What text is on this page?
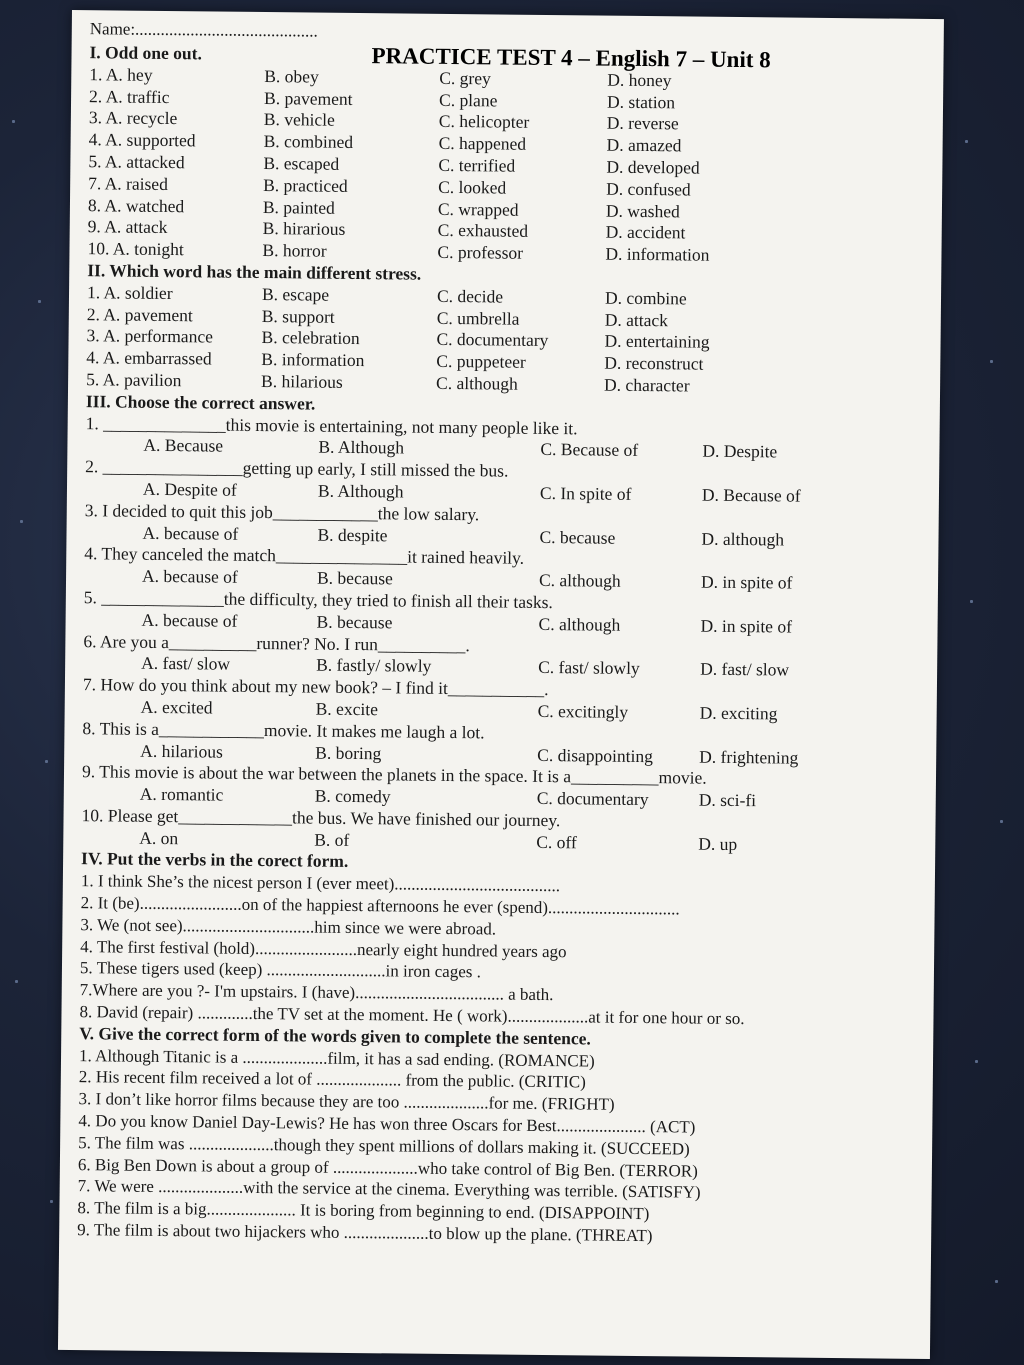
PRACTICE TEST 4 – English 7 – Unit 8
Name:...........................................
I. Odd one out.
1. A. hey	B. obey	C. grey	D. honey
2. A. traffic	B. pavement	C. plane	D. station
3. A. recycle	B. vehicle	C. helicopter	D. reverse
4. A. supported	B. combined	C. happened	D. amazed
5. A. attacked	B. escaped	C. terrified	D. developed
7. A. raised	B. practiced	C. looked	D. confused
8. A. watched	B. painted	C. wrapped	D. washed
9. A. attack	B. hirarious	C. exhausted	D. accident
10. A. tonight	B. horror	C. professor	D. information
II. Which word has the main different stress.
1. A. soldier	B. escape	C. decide	D. combine
2. A. pavement	B. support	C. umbrella	D. attack
3. A. performance	B. celebration	C. documentary	D. entertaining
4. A. embarrassed	B. information	C. puppeteer	D. reconstruct
5. A. pavilion	B. hilarious	C. although	D. character
III. Choose the correct answer.
1. ______________this movie is entertaining, not many people like it.
A. Because	B. Although	C. Because of	D. Despite
2. ________________getting up early, I still missed the bus.
A. Despite of	B. Although	C. In spite of	D. Because of
3. I decided to quit this job____________the low salary.
A. because of	B. despite	C. because	D. although
4. They canceled the match_______________it rained heavily.
A. because of	B. because	C. although	D. in spite of
5. ______________the difficulty, they tried to finish all their tasks.
A. because of	B. because	C. although	D. in spite of
6. Are you a__________runner? No. I run__________.
A. fast/ slow	B. fastly/ slowly	C. fast/ slowly	D. fast/ slow
7. How do you think about my new book? – I find it___________.
A. excited	B. excite	C. excitingly	D. exciting
8. This is a____________movie. It makes me laugh a lot.
A. hilarious	B. boring	C. disappointing	D. frightening
9. This movie is about the war between the planets in the space. It is a__________movie.
A. romantic	B. comedy	C. documentary	D. sci-fi
10. Please get_____________the bus. We have finished our journey.
A. on	B. of	C. off	D. up
IV. Put the verbs in the corect form.
1. I think She’s the nicest person I (ever meet).......................................
2. It (be)........................on of the happiest afternoons he ever (spend)...............................
3. We (not see)...............................him since we were abroad.
4. The first festival (hold)........................nearly eight hundred years ago
5. These tigers used (keep) ............................in iron cages .
7.Where are you ?- I'm upstairs. I (have)................................... a bath.
8. David (repair) .............the TV set at the moment. He ( work)...................at it for one hour or so.
V. Give the correct form of the words given to complete the sentence.
1. Although Titanic is a ....................film, it has a sad ending. (ROMANCE)
2. His recent film received a lot of .................... from the public. (CRITIC)
3. I don’t like horror films because they are too ....................for me. (FRIGHT)
4. Do you know Daniel Day-Lewis? He has won three Oscars for Best..................... (ACT)
5. The film was ....................though they spent millions of dollars making it. (SUCCEED)
6. Big Ben Down is about a group of ....................who take control of Big Ben. (TERROR)
7. We were ....................with the service at the cinema. Everything was terrible. (SATISFY)
8. The film is a big..................... It is boring from beginning to end. (DISAPPOINT)
9. The film is about two hijackers who ....................to blow up the plane. (THREAT)
